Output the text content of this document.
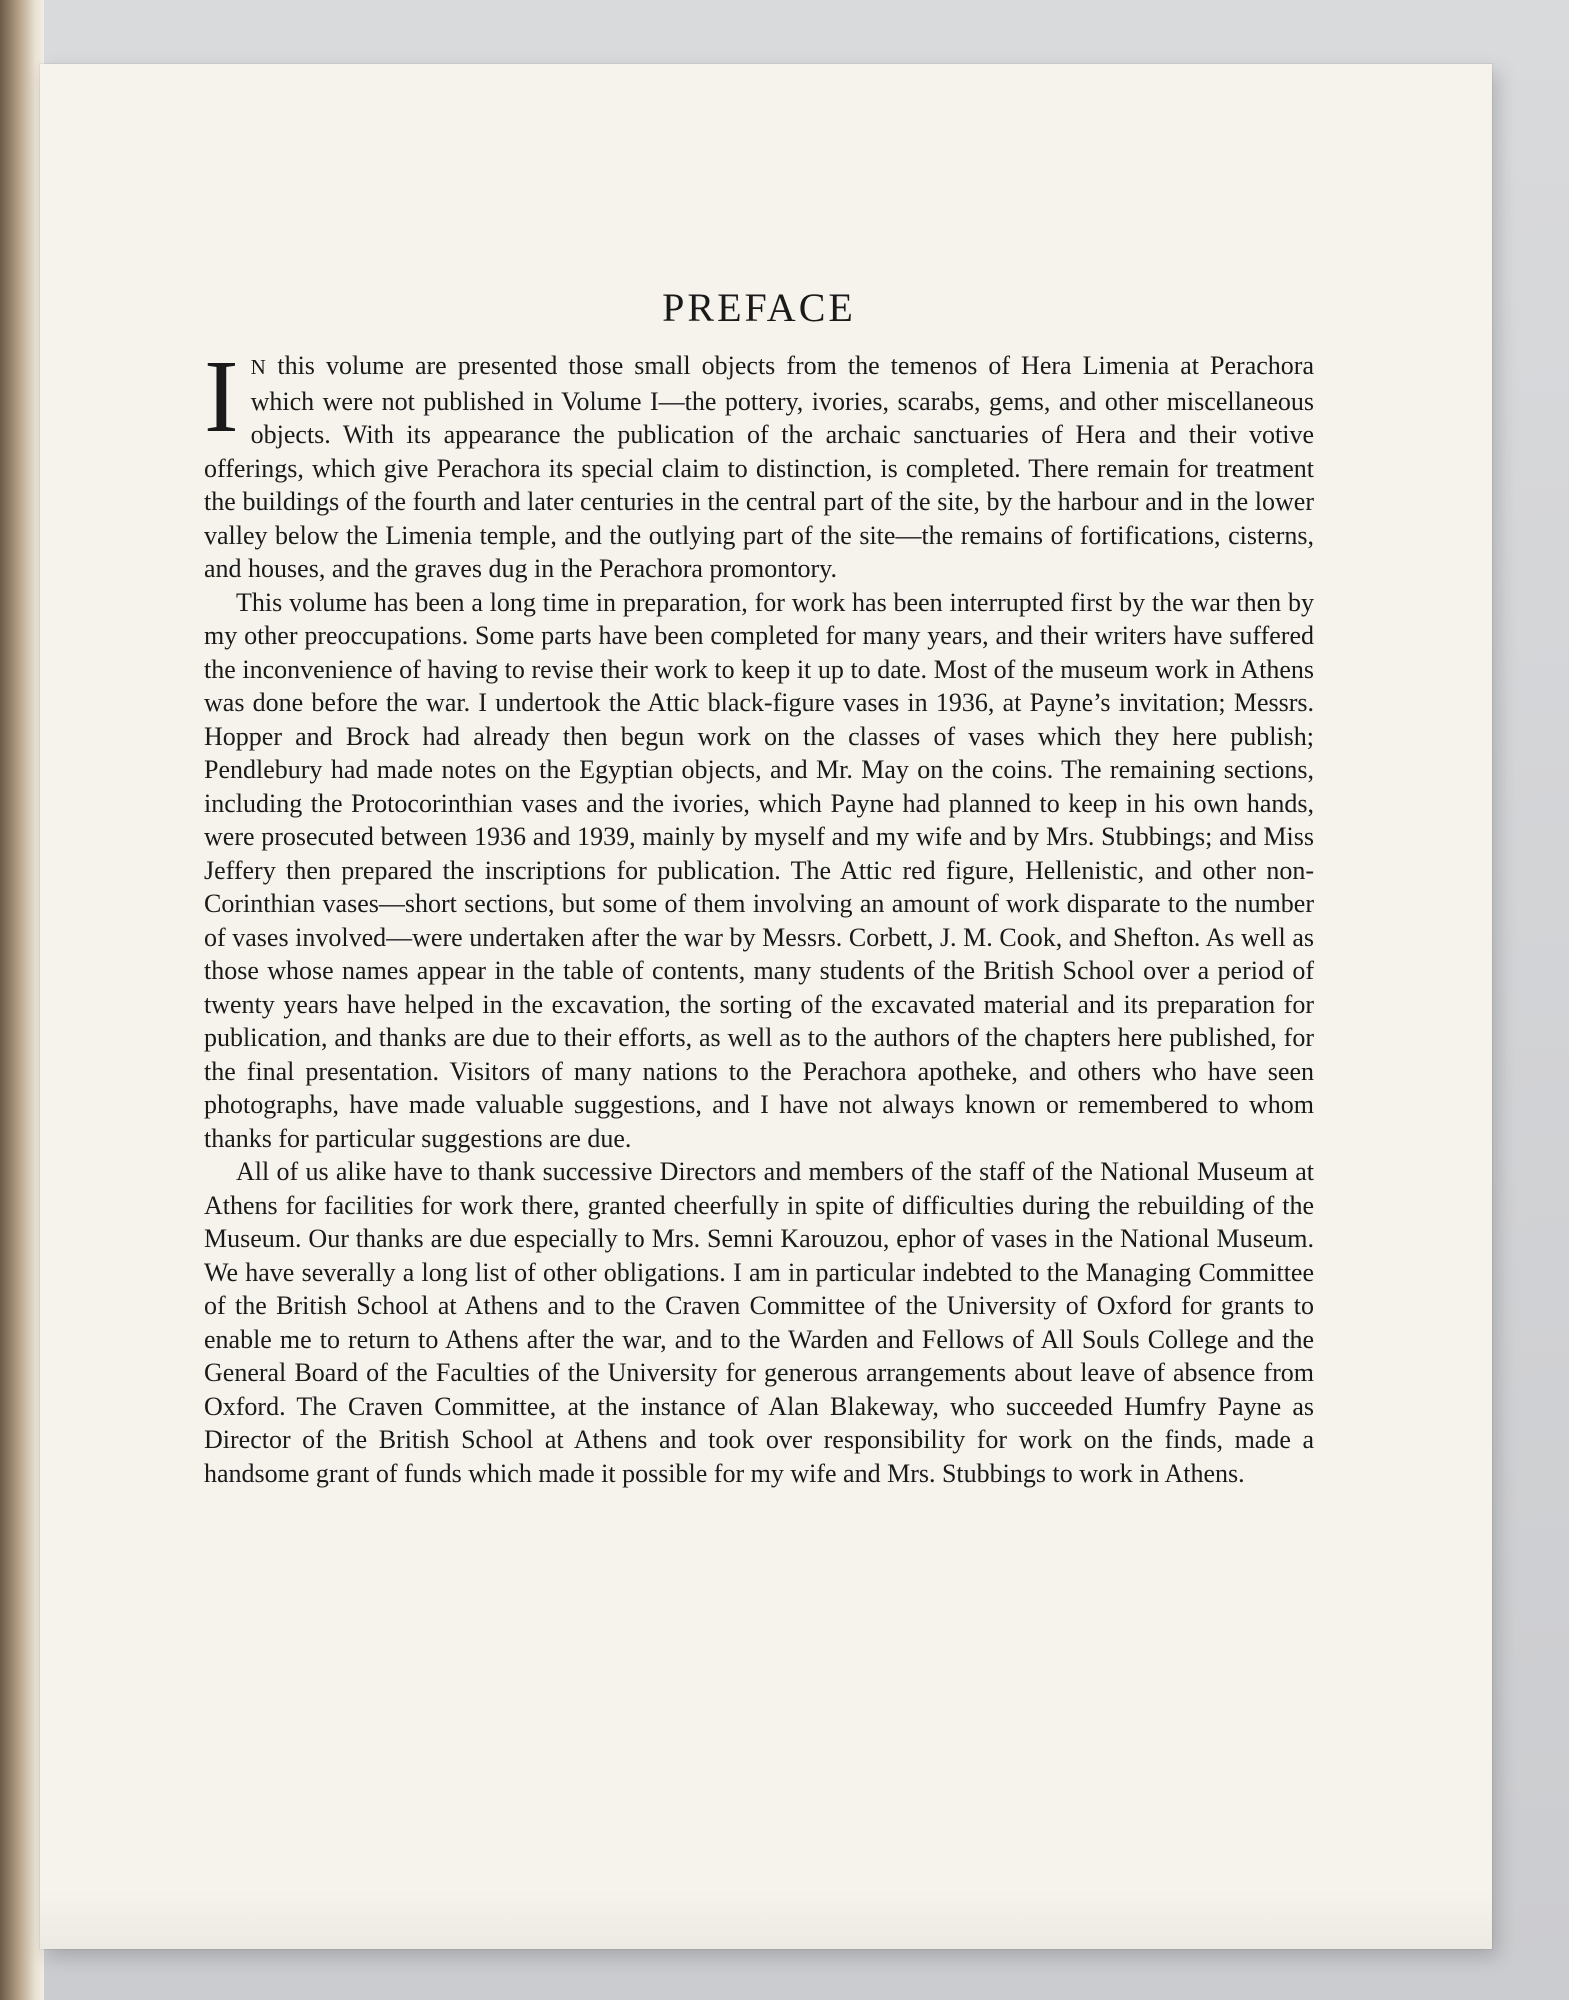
PREFACE

I N this volume are presented those small objects from the temenos of Hera Limenia at Perachora which were not published in Volume I—the pottery, ivories, scarabs, gems, and other miscellaneous objects. With its appearance the publication of the archaic sanctuaries of Hera and their votive offerings, which give Perachora its special claim to distinction, is completed. There remain for treatment the buildings of the fourth and later centuries in the central part of the site, by the harbour and in the lower valley below the Limenia temple, and the outlying part of the site—the remains of fortifications, cisterns, and houses, and the graves dug in the Perachora promontory.

This volume has been a long time in preparation, for work has been interrupted first by the war then by my other preoccupations. Some parts have been completed for many years, and their writers have suffered the inconvenience of having to revise their work to keep it up to date. Most of the museum work in Athens was done before the war. I undertook the Attic black-figure vases in 1936, at Payne’s invitation; Messrs. Hopper and Brock had already then begun work on the classes of vases which they here publish; Pendlebury had made notes on the Egyptian objects, and Mr. May on the coins. The remaining sections, including the Protocorinthian vases and the ivories, which Payne had planned to keep in his own hands, were prosecuted between 1936 and 1939, mainly by myself and my wife and by Mrs. Stubbings; and Miss Jeffery then prepared the inscriptions for publication. The Attic red figure, Hellenistic, and other non-Corinthian vases—short sections, but some of them involving an amount of work disparate to the number of vases involved—were undertaken after the war by Messrs. Corbett, J. M. Cook, and Shefton. As well as those whose names appear in the table of contents, many students of the British School over a period of twenty years have helped in the excavation, the sorting of the excavated material and its preparation for publication, and thanks are due to their efforts, as well as to the authors of the chapters here published, for the final presentation. Visitors of many nations to the Perachora apotheke, and others who have seen photographs, have made valuable suggestions, and I have not always known or remembered to whom thanks for particular suggestions are due.

All of us alike have to thank successive Directors and members of the staff of the National Museum at Athens for facilities for work there, granted cheerfully in spite of difficulties during the rebuilding of the Museum. Our thanks are due especially to Mrs. Semni Karouzou, ephor of vases in the National Museum. We have severally a long list of other obligations. I am in particular indebted to the Managing Committee of the British School at Athens and to the Craven Committee of the University of Oxford for grants to enable me to return to Athens after the war, and to the Warden and Fellows of All Souls College and the General Board of the Faculties of the University for generous arrangements about leave of absence from Oxford. The Craven Committee, at the instance of Alan Blakeway, who succeeded Humfry Payne as Director of the British School at Athens and took over responsibility for work on the finds, made a handsome grant of funds which made it possible for my wife and Mrs. Stubbings to work in Athens.
